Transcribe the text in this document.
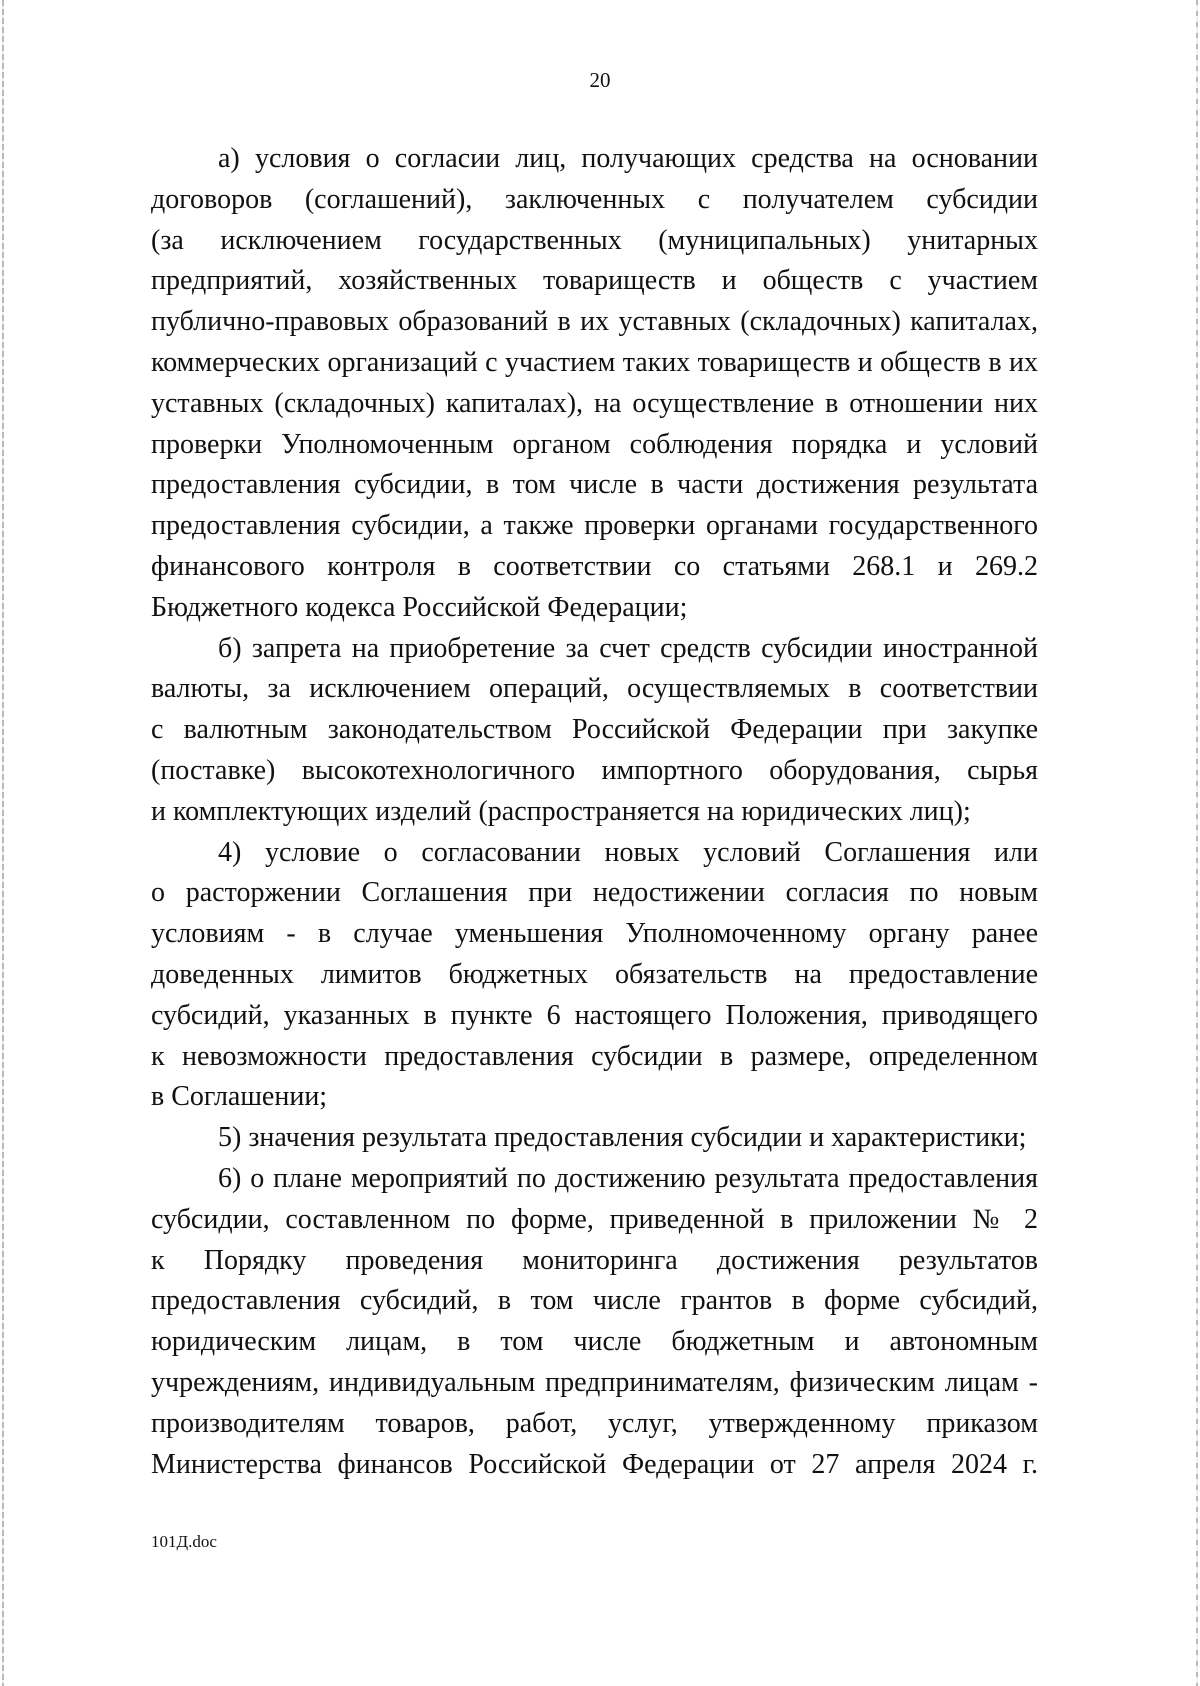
20
а) условия о согласии лиц, получающих средства на основании
договоров (соглашений), заключенных с получателем субсидии
(за исключением государственных (муниципальных) унитарных
предприятий, хозяйственных товариществ и обществ с участием
публично-правовых образований в их уставных (складочных) капиталах,
коммерческих организаций с участием таких товариществ и обществ в их
уставных (складочных) капиталах), на осуществление в отношении них
проверки Уполномоченным органом соблюдения порядка и условий
предоставления субсидии, в том числе в части достижения результата
предоставления субсидии, а также проверки органами государственного
финансового контроля в соответствии со статьями 268.1 и 269.2
Бюджетного кодекса Российской Федерации;
б) запрета на приобретение за счет средств субсидии иностранной
валюты, за исключением операций, осуществляемых в соответствии
с валютным законодательством Российской Федерации при закупке
(поставке) высокотехнологичного импортного оборудования, сырья
и комплектующих изделий (распространяется на юридических лиц);
4) условие о согласовании новых условий Соглашения или
о расторжении Соглашения при недостижении согласия по новым
условиям - в случае уменьшения Уполномоченному органу ранее
доведенных лимитов бюджетных обязательств на предоставление
субсидий, указанных в пункте 6 настоящего Положения, приводящего
к невозможности предоставления субсидии в размере, определенном
в Соглашении;
5) значения результата предоставления субсидии и характеристики;
6) о плане мероприятий по достижению результата предоставления
субсидии, составленном по форме, приведенной в приложении № 2
к Порядку проведения мониторинга достижения результатов
предоставления субсидий, в том числе грантов в форме субсидий,
юридическим лицам, в том числе бюджетным и автономным
учреждениям, индивидуальным предпринимателям, физическим лицам -
производителям товаров, работ, услуг, утвержденному приказом
Министерства финансов Российской Федерации от 27 апреля 2024 г.
101Д.doc
